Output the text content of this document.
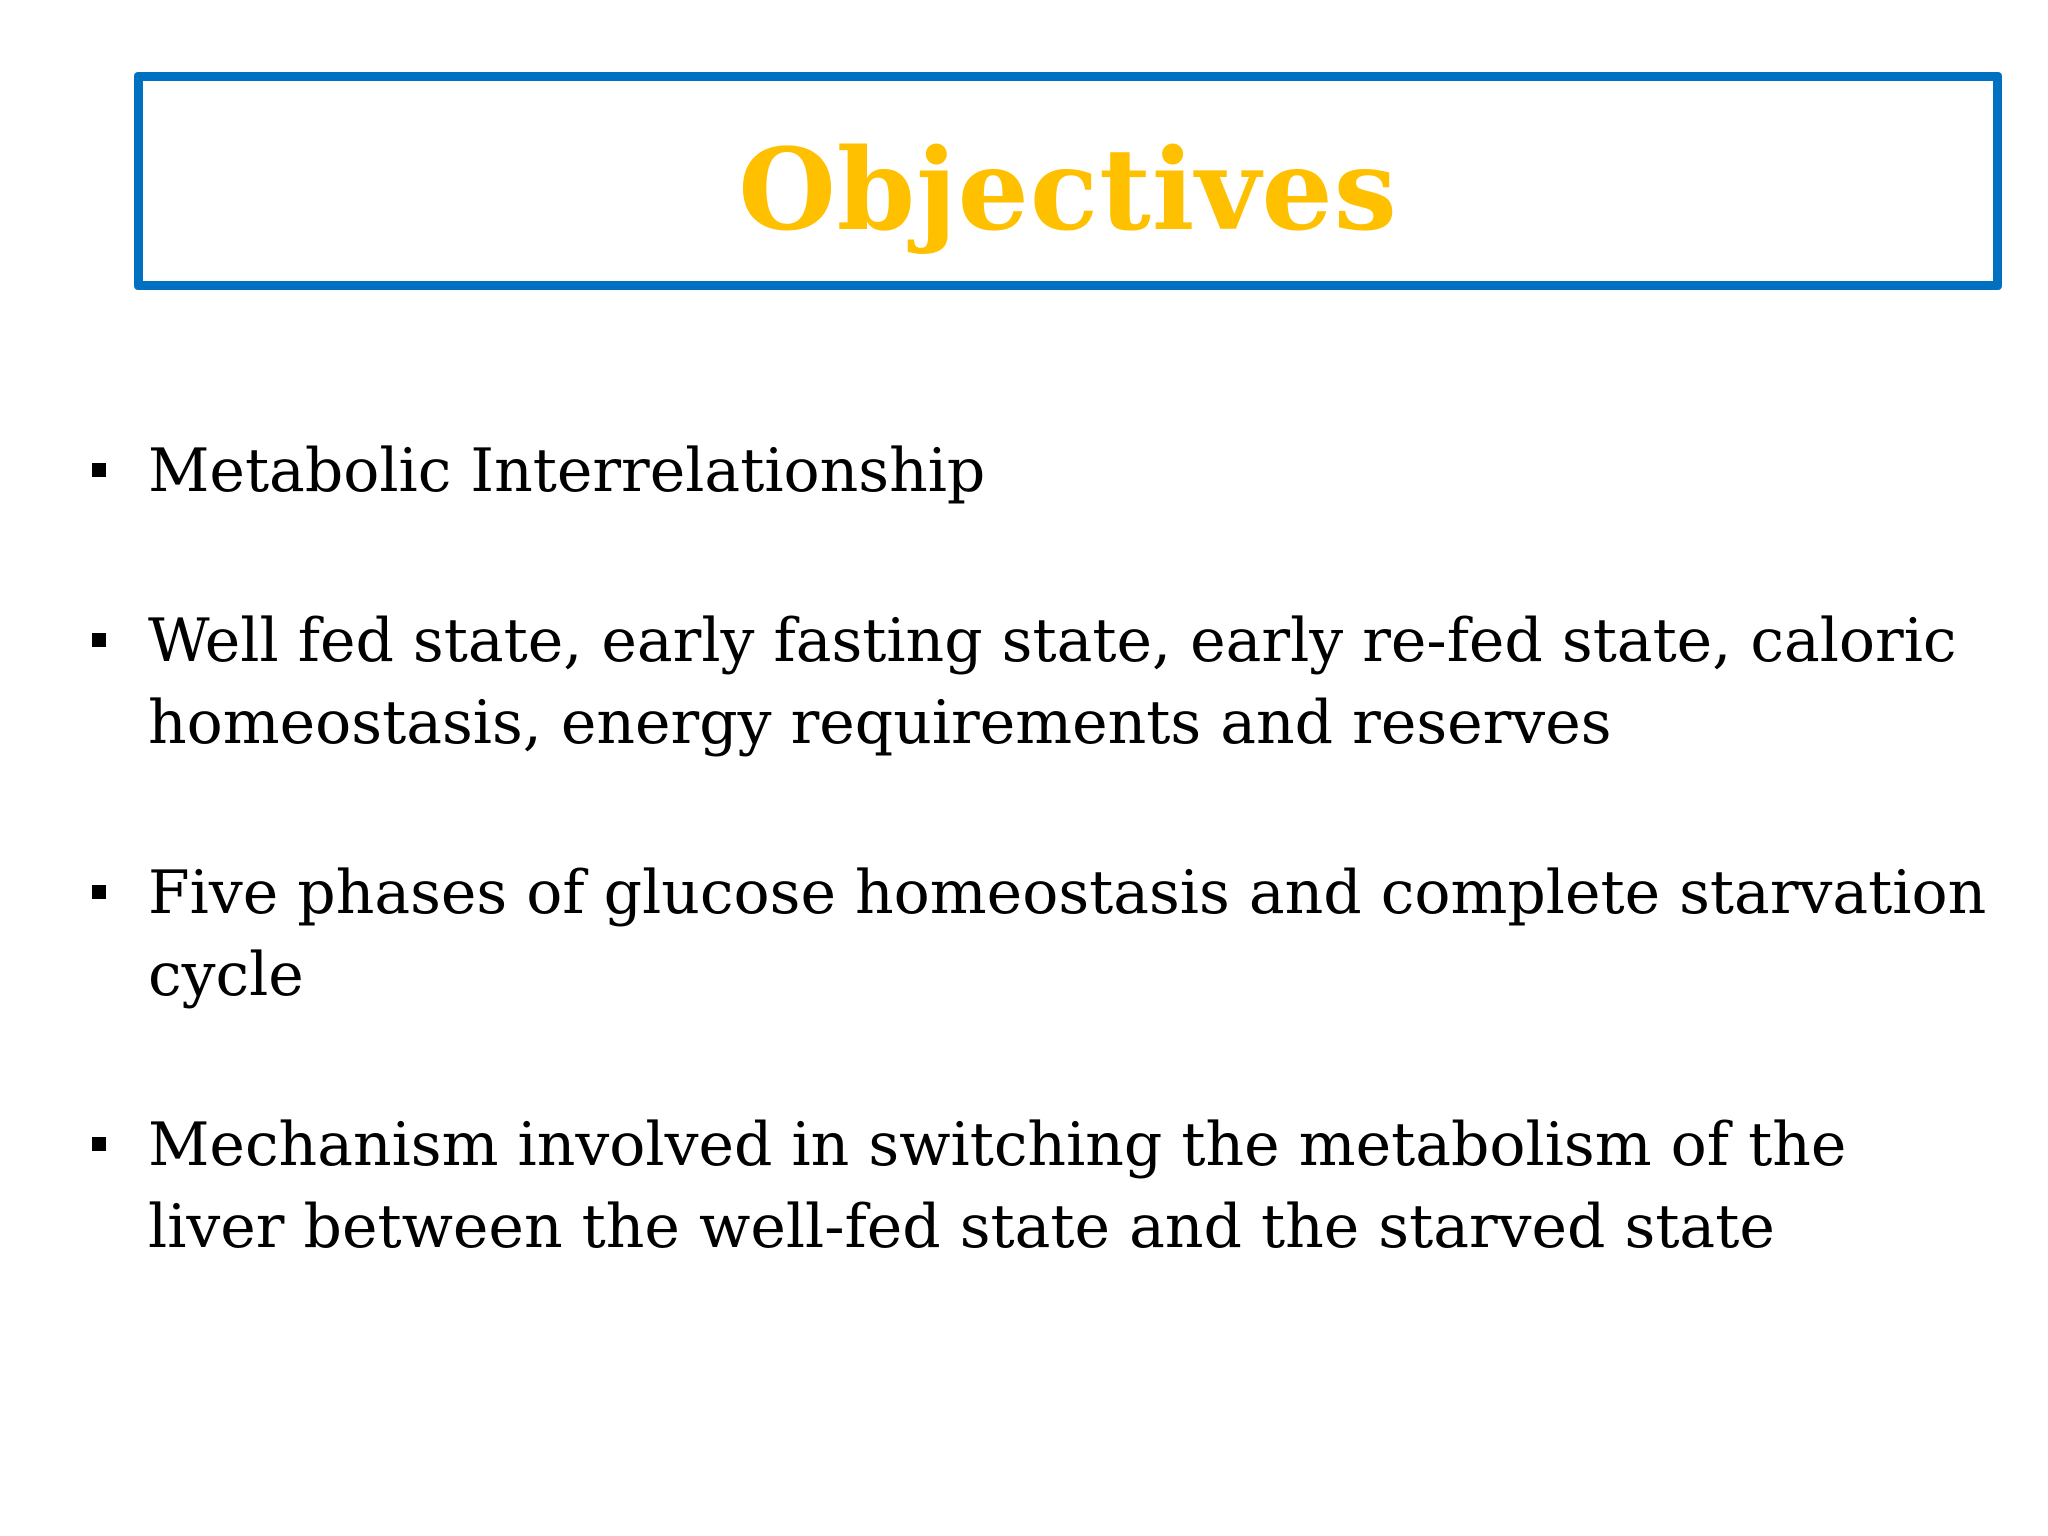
Objectives
Metabolic Interrelationship
Well fed state, early fasting state, early re-fed state, caloric homeostasis, energy requirements and reserves
Five phases of glucose homeostasis and complete starvation cycle
Mechanism involved in switching the metabolism of the liver between the well-fed state and the starved state
